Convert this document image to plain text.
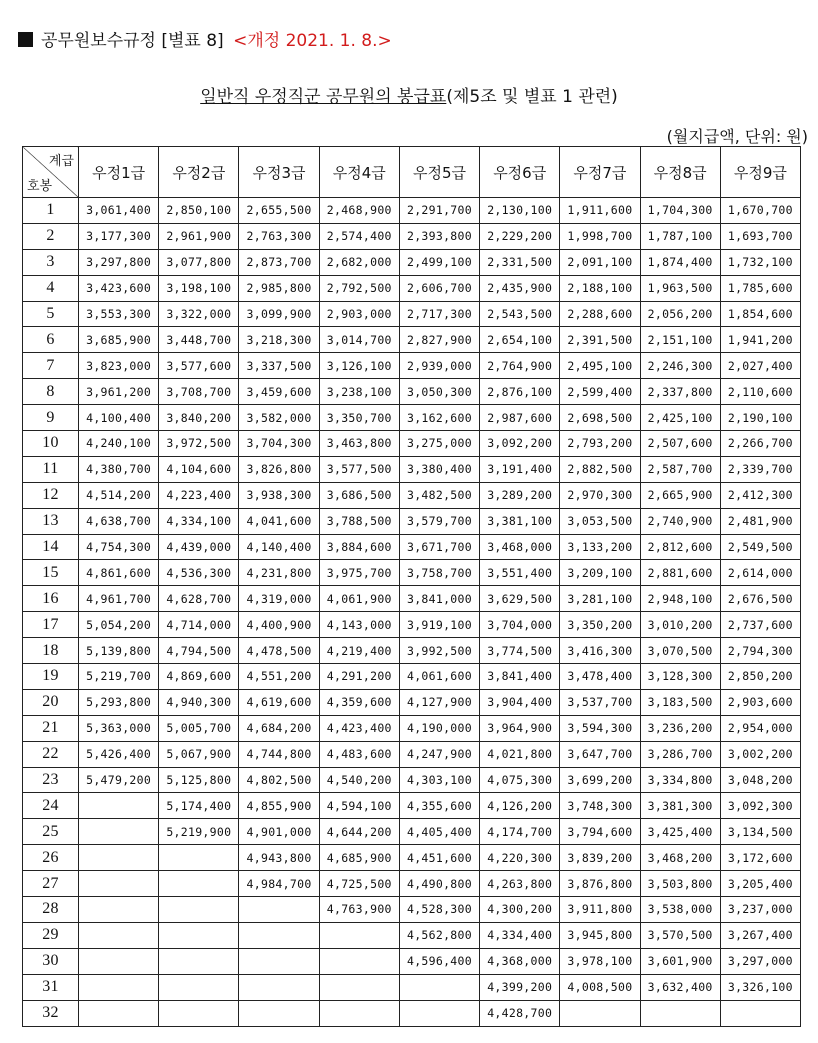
공무원보수규정 [별표 8] <개정 2021. 1. 8.>
일반직 우정직군 공무원의 봉급표(제5조 및 별표 1 관련)
(월지급액, 단위: 원)
계급
호봉	우정1급	우정2급	우정3급	우정4급	우정5급	우정6급	우정7급	우정8급	우정9급
1	3,061,400	2,850,100	2,655,500	2,468,900	2,291,700	2,130,100	1,911,600	1,704,300	1,670,700
2	3,177,300	2,961,900	2,763,300	2,574,400	2,393,800	2,229,200	1,998,700	1,787,100	1,693,700
3	3,297,800	3,077,800	2,873,700	2,682,000	2,499,100	2,331,500	2,091,100	1,874,400	1,732,100
4	3,423,600	3,198,100	2,985,800	2,792,500	2,606,700	2,435,900	2,188,100	1,963,500	1,785,600
5	3,553,300	3,322,000	3,099,900	2,903,000	2,717,300	2,543,500	2,288,600	2,056,200	1,854,600
6	3,685,900	3,448,700	3,218,300	3,014,700	2,827,900	2,654,100	2,391,500	2,151,100	1,941,200
7	3,823,000	3,577,600	3,337,500	3,126,100	2,939,000	2,764,900	2,495,100	2,246,300	2,027,400
8	3,961,200	3,708,700	3,459,600	3,238,100	3,050,300	2,876,100	2,599,400	2,337,800	2,110,600
9	4,100,400	3,840,200	3,582,000	3,350,700	3,162,600	2,987,600	2,698,500	2,425,100	2,190,100
10	4,240,100	3,972,500	3,704,300	3,463,800	3,275,000	3,092,200	2,793,200	2,507,600	2,266,700
11	4,380,700	4,104,600	3,826,800	3,577,500	3,380,400	3,191,400	2,882,500	2,587,700	2,339,700
12	4,514,200	4,223,400	3,938,300	3,686,500	3,482,500	3,289,200	2,970,300	2,665,900	2,412,300
13	4,638,700	4,334,100	4,041,600	3,788,500	3,579,700	3,381,100	3,053,500	2,740,900	2,481,900
14	4,754,300	4,439,000	4,140,400	3,884,600	3,671,700	3,468,000	3,133,200	2,812,600	2,549,500
15	4,861,600	4,536,300	4,231,800	3,975,700	3,758,700	3,551,400	3,209,100	2,881,600	2,614,000
16	4,961,700	4,628,700	4,319,000	4,061,900	3,841,000	3,629,500	3,281,100	2,948,100	2,676,500
17	5,054,200	4,714,000	4,400,900	4,143,000	3,919,100	3,704,000	3,350,200	3,010,200	2,737,600
18	5,139,800	4,794,500	4,478,500	4,219,400	3,992,500	3,774,500	3,416,300	3,070,500	2,794,300
19	5,219,700	4,869,600	4,551,200	4,291,200	4,061,600	3,841,400	3,478,400	3,128,300	2,850,200
20	5,293,800	4,940,300	4,619,600	4,359,600	4,127,900	3,904,400	3,537,700	3,183,500	2,903,600
21	5,363,000	5,005,700	4,684,200	4,423,400	4,190,000	3,964,900	3,594,300	3,236,200	2,954,000
22	5,426,400	5,067,900	4,744,800	4,483,600	4,247,900	4,021,800	3,647,700	3,286,700	3,002,200
23	5,479,200	5,125,800	4,802,500	4,540,200	4,303,100	4,075,300	3,699,200	3,334,800	3,048,200
24		5,174,400	4,855,900	4,594,100	4,355,600	4,126,200	3,748,300	3,381,300	3,092,300
25		5,219,900	4,901,000	4,644,200	4,405,400	4,174,700	3,794,600	3,425,400	3,134,500
26			4,943,800	4,685,900	4,451,600	4,220,300	3,839,200	3,468,200	3,172,600
27			4,984,700	4,725,500	4,490,800	4,263,800	3,876,800	3,503,800	3,205,400
28				4,763,900	4,528,300	4,300,200	3,911,800	3,538,000	3,237,000
29					4,562,800	4,334,400	3,945,800	3,570,500	3,267,400
30					4,596,400	4,368,000	3,978,100	3,601,900	3,297,000
31						4,399,200	4,008,500	3,632,400	3,326,100
32						4,428,700			
